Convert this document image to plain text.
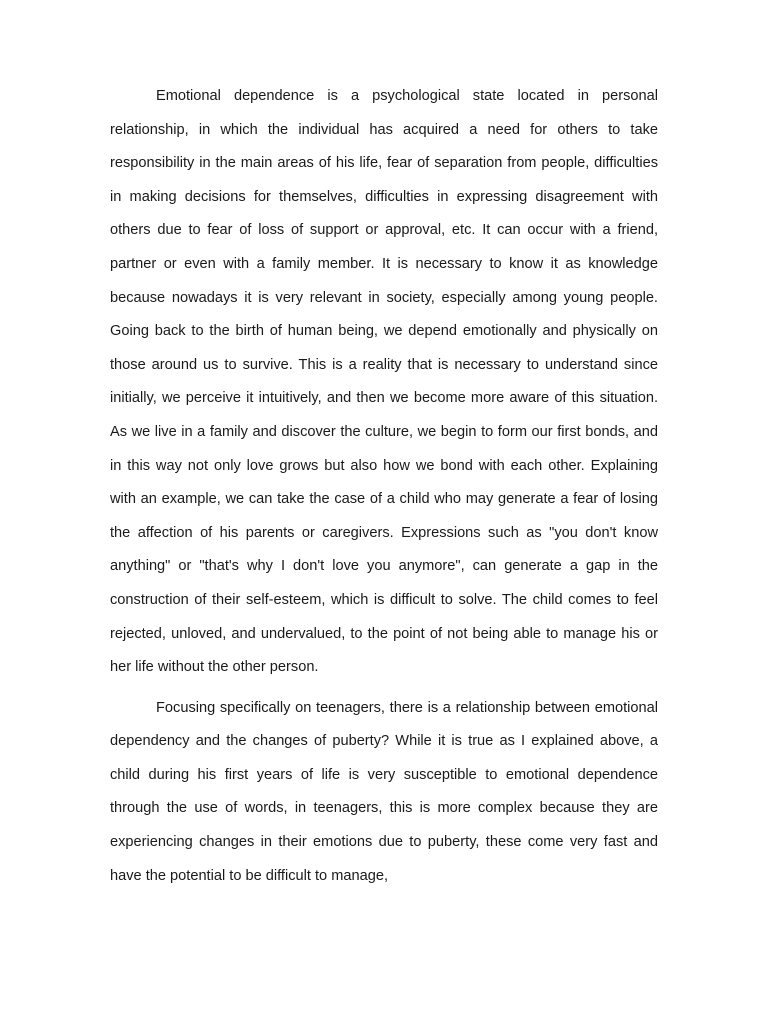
Emotional dependence is a psychological state located in personal relationship, in which the individual has acquired a need for others to take responsibility in the main areas of his life, fear of separation from people, difficulties in making decisions for themselves, difficulties in expressing disagreement with others due to fear of loss of support or approval, etc. It can occur with a friend, partner or even with a family member. It is necessary to know it as knowledge because nowadays it is very relevant in society, especially among young people. Going back to the birth of human being, we depend emotionally and physically on those around us to survive. This is a reality that is necessary to understand since initially, we perceive it intuitively, and then we become more aware of this situation. As we live in a family and discover the culture, we begin to form our first bonds, and in this way not only love grows but also how we bond with each other. Explaining with an example, we can take the case of a child who may generate a fear of losing the affection of his parents or caregivers. Expressions such as "you don't know anything" or "that's why I don't love you anymore", can generate a gap in the construction of their self-esteem, which is difficult to solve. The child comes to feel rejected, unloved, and undervalued, to the point of not being able to manage his or her life without the other person.

Focusing specifically on teenagers, there is a relationship between emotional dependency and the changes of puberty? While it is true as I explained above, a child during his first years of life is very susceptible to emotional dependence through the use of words, in teenagers, this is more complex because they are experiencing changes in their emotions due to puberty, these come very fast and have the potential to be difficult to manage,
